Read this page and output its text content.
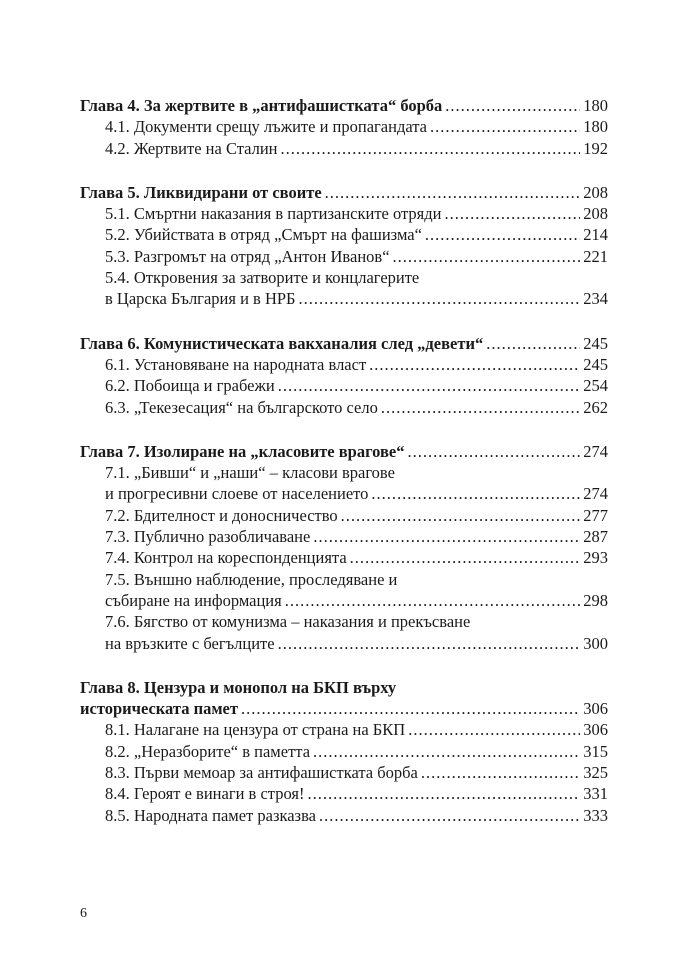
Глава 4. За жертвите в „антифашистката“ борба .....	180
4.1. Документи срещу лъжите и пропагандата .....	180
4.2. Жертвите на Сталин .....	192
Глава 5. Ликвидирани от своите .....	208
5.1. Смъртни наказания в партизанските отряди .....	208
5.2. Убийствата в отряд „Смърт на фашизма“ .....	214
5.3. Разгромът на отряд „Антон Иванов“ .....	221
5.4. Откровения за затворите и концлагерите
в Царска България и в НРБ .....	234
Глава 6. Комунистическата вакханалия след „девети“ .....	245
6.1. Установяване на народната власт .....	245
6.2. Побоища и грабежи .....	254
6.3. „Текезесация“ на българското село .....	262
Глава 7. Изолиране на „класовите врагове“ .....	274
7.1. „Бивши“ и „наши“ – класови врагове
и прогресивни слоеве от населението .....	274
7.2. Бдителност и доносничество .....	277
7.3. Публично разобличаване .....	287
7.4. Контрол на кореспонденцията .....	293
7.5. Външно наблюдение, проследяване и
събиране на информация .....	298
7.6. Бягство от комунизма – наказания и прекъсване
на връзките с бегълците .....	300
Глава 8. Цензура и монопол на БКП върху
историческата памет .....	306
8.1. Налагане на цензура от страна на БКП .....	306
8.2. „Неразборите“ в паметта .....	315
8.3. Първи мемоар за антифашистката борба .....	325
8.4. Героят е винаги в строя! .....	331
8.5. Народната памет разказва .....	333
6
